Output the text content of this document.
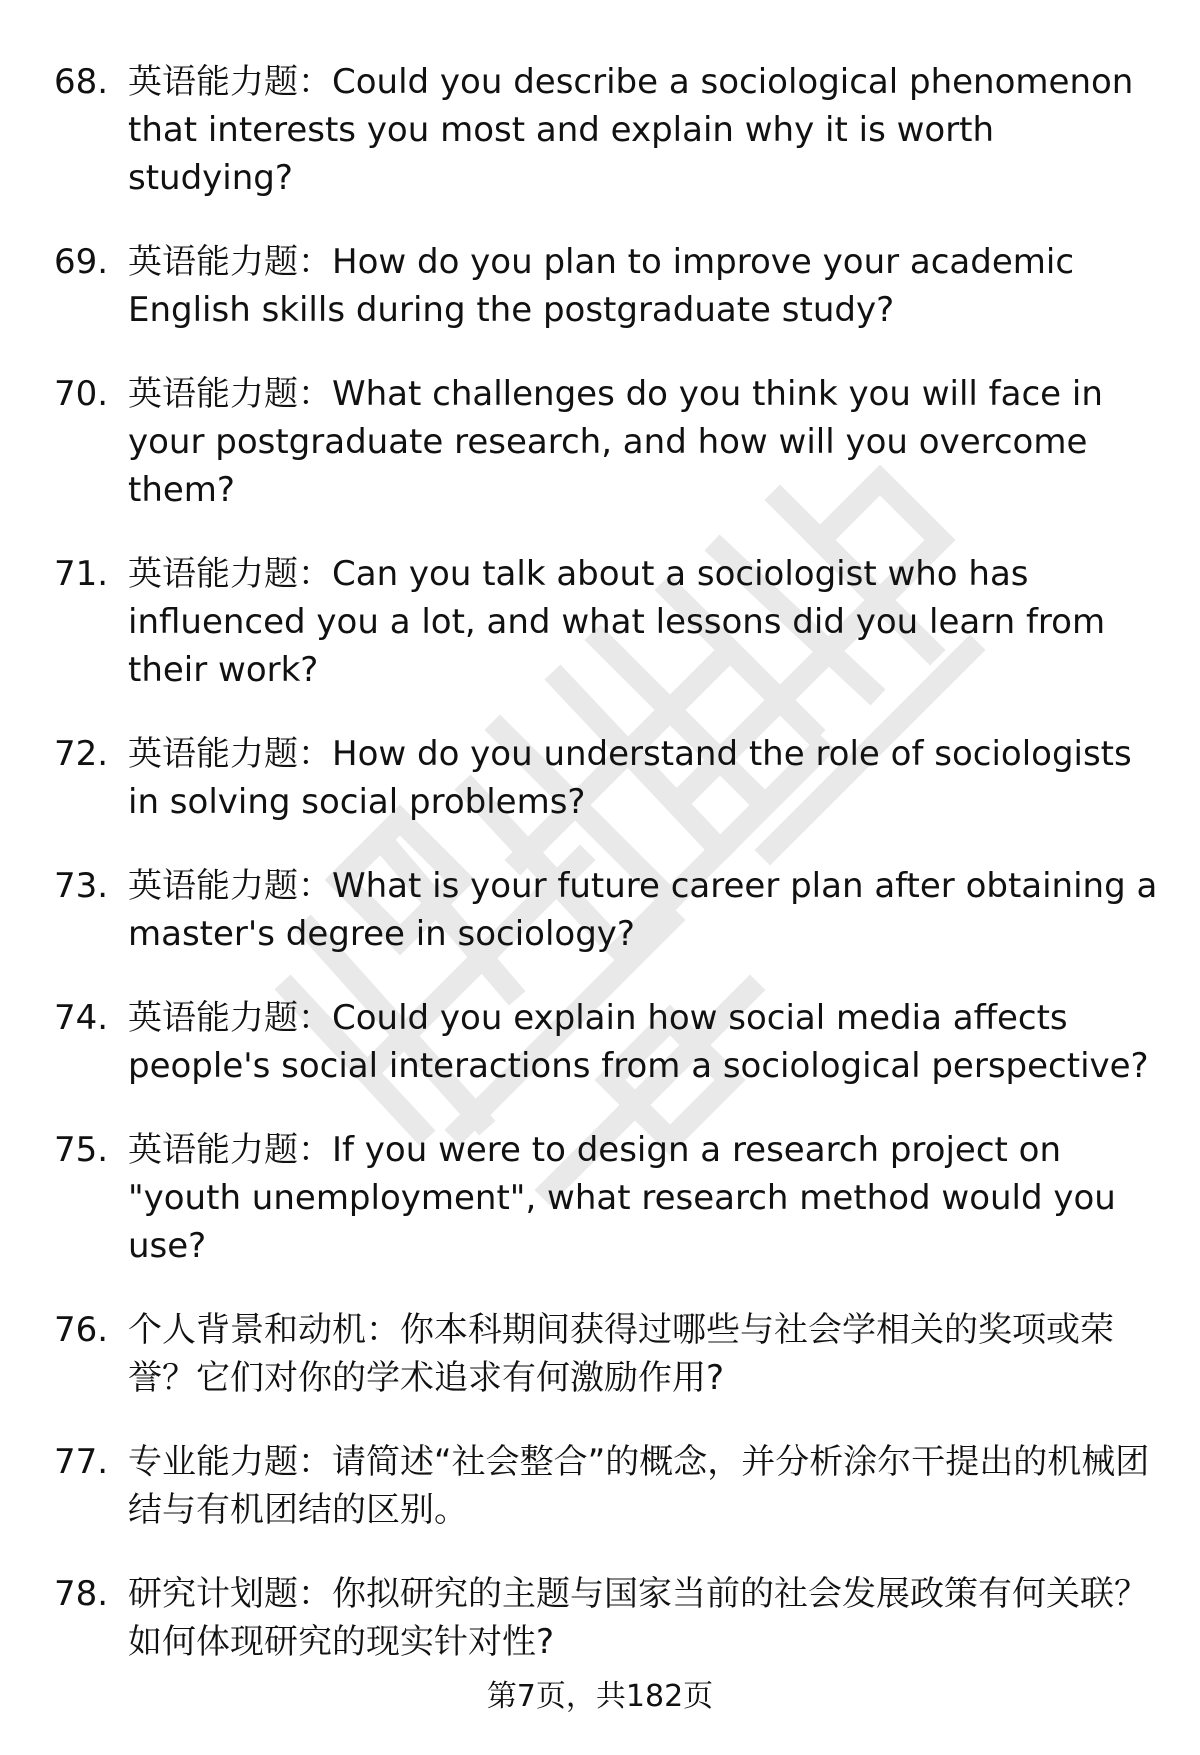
68. 英语能力题：Could you describe a sociological phenomenon that interests you most and explain why it is worth studying?
69. 英语能力题：How do you plan to improve your academic English skills during the postgraduate study?
70. 英语能力题：What challenges do you think you will face in your postgraduate research, and how will you overcome them?
71. 英语能力题：Can you talk about a sociologist who has influenced you a lot, and what lessons did you learn from their work?
72. 英语能力题：How do you understand the role of sociologists in solving social problems?
73. 英语能力题：What is your future career plan after obtaining a master's degree in sociology?
74. 英语能力题：Could you explain how social media affects people's social interactions from a sociological perspective?
75. 英语能力题：If you were to design a research project on "youth unemployment", what research method would you use?
76. 个人背景和动机：你本科期间获得过哪些与社会学相关的奖项或荣誉？它们对你的学术追求有何激励作用?
77. 专业能力题：请简述“社会整合”的概念，并分析涂尔干提出的机械团结与有机团结的区别。
78. 研究计划题：你拟研究的主题与国家当前的社会发展政策有何关联？如何体现研究的现实针对性?
第7页，共182页
